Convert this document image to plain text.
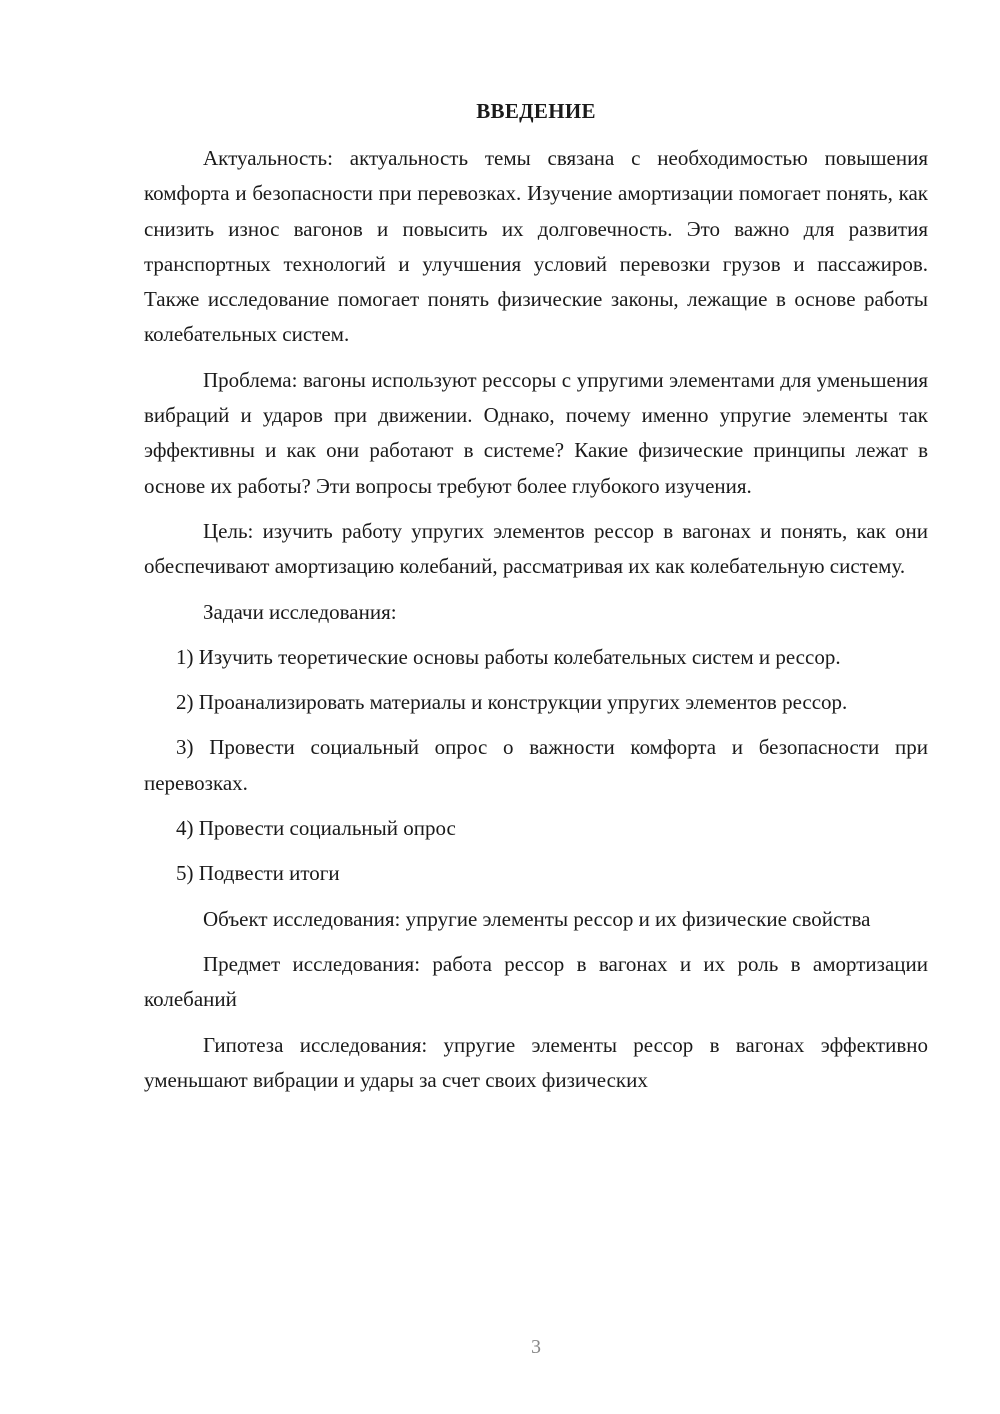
ВВЕДЕНИЕ

Актуальность: актуальность темы связана с необходимостью повышения комфорта и безопасности при перевозках. Изучение амортизации помогает понять, как снизить износ вагонов и повысить их долговечность. Это важно для развития транспортных технологий и улучшения условий перевозки грузов и пассажиров. Также исследование помогает понять физические законы, лежащие в основе работы колебательных систем.

Проблема: вагоны используют рессоры с упругими элементами для уменьшения вибраций и ударов при движении. Однако, почему именно упругие элементы так эффективны и как они работают в системе? Какие физические принципы лежат в основе их работы? Эти вопросы требуют более глубокого изучения.

Цель: изучить работу упругих элементов рессор в вагонах и понять, как они обеспечивают амортизацию колебаний, рассматривая их как колебательную систему.

Задачи исследования:

1) Изучить теоретические основы работы колебательных систем и рессор.

2) Проанализировать материалы и конструкции упругих элементов рессор.

3) Провести социальный опрос о важности комфорта и безопасности при перевозках.

4) Провести социальный опрос

5) Подвести итоги

Объект исследования: упругие элементы рессор и их физические свойства

Предмет исследования: работа рессор в вагонах и их роль в амортизации колебаний

Гипотеза исследования: упругие элементы рессор в вагонах эффективно уменьшают вибрации и удары за счет своих физических

3
